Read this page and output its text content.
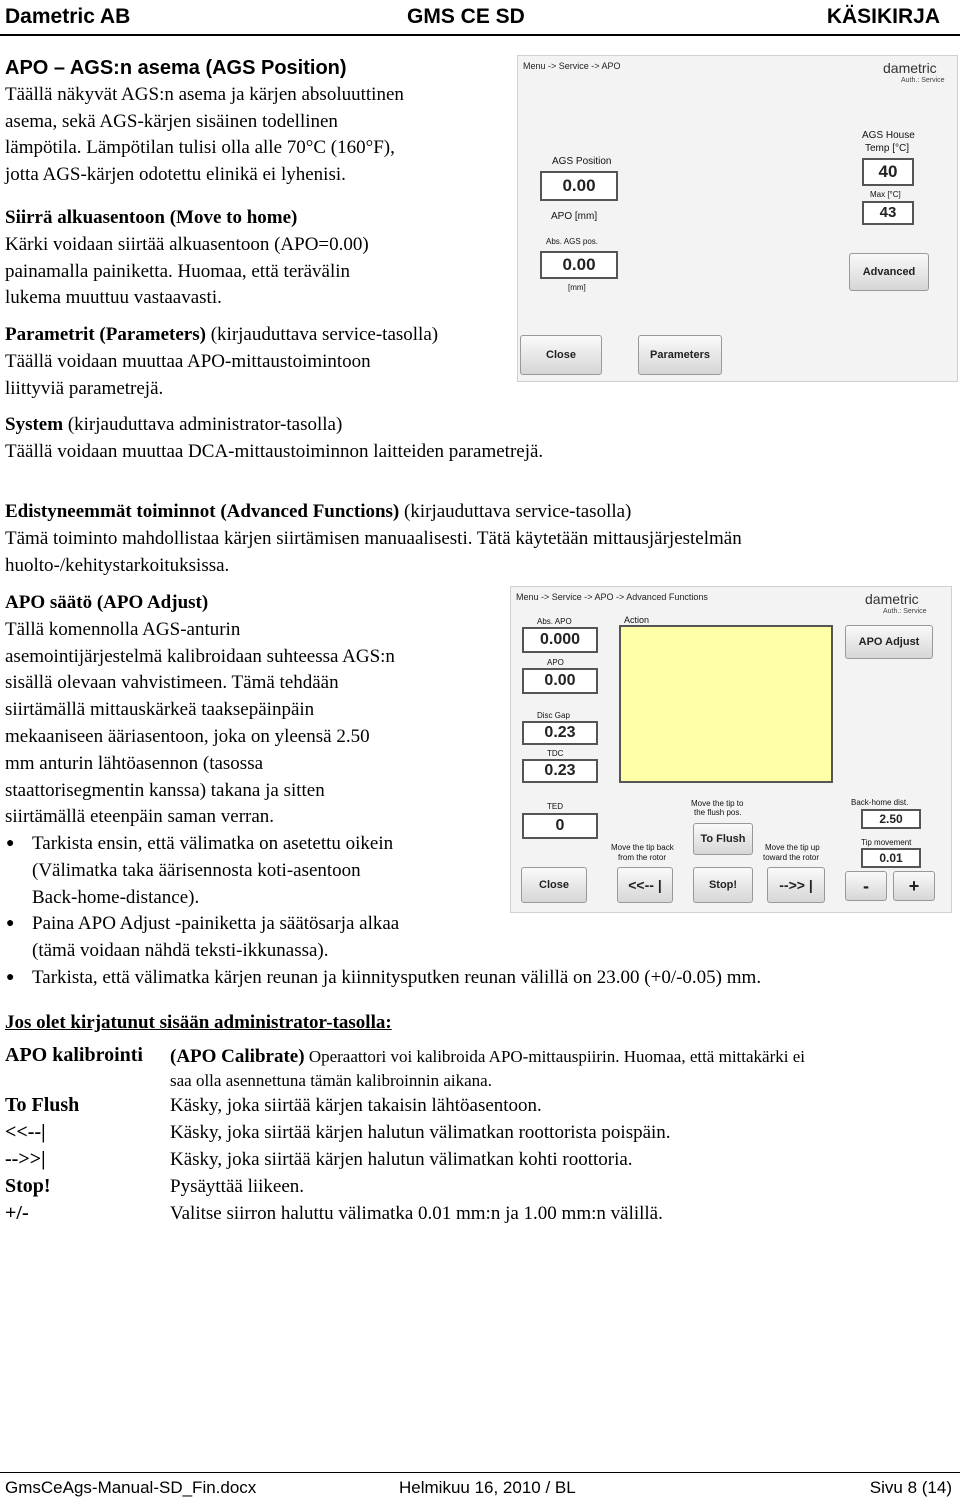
Dametric AB	GMS CE SD	KÄSIKIRJA
APO – AGS:n asema (AGS Position)
Täällä näkyvät AGS:n asema ja kärjen absoluuttinen
asema, sekä AGS-kärjen sisäinen todellinen
lämpötila. Lämpötilan tulisi olla alle 70°C (160°F),
jotta AGS-kärjen odotettu elinikä ei lyhenisi.
Siirrä alkuasentoon (Move to home)
Kärki voidaan siirtää alkuasentoon (APO=0.00)
painamalla painiketta. Huomaa, että terävälin
lukema muuttuu vastaavasti.
Parametrit (Parameters) (kirjauduttava service-tasolla)
Täällä voidaan muuttaa APO-mittaustoimintoon
liittyviä parametrejä.
System (kirjauduttava administrator-tasolla)
Täällä voidaan muuttaa DCA-mittaustoiminnon laitteiden parametrejä.
Menu -> Service -> APO	dametric
Auth.: Service
AGS Position
0.00
APO [mm]
Abs. AGS pos.
0.00
[mm]
AGS House
Temp [°C]
40
Max [°C]
43
Advanced
Close	Parameters
Edistyneemmät toiminnot (Advanced Functions) (kirjauduttava service-tasolla)
Tämä toiminto mahdollistaa kärjen siirtämisen manuaalisesti. Tätä käytetään mittausjärjestelmän
huolto-/kehitystarkoituksissa.
APO säätö (APO Adjust)
Tällä komennolla AGS-anturin
asemointijärjestelmä kalibroidaan suhteessa AGS:n
sisällä olevaan vahvistimeen. Tämä tehdään
siirtämällä mittauskärkeä taaksepäinpäin
mekaaniseen ääriasentoon, joka on yleensä 2.50
mm anturin lähtöasennon (tasossa
staattorisegmentin kanssa) takana ja sitten
siirtämällä eteenpäin saman verran.
● Tarkista ensin, että välimatka on asetettu oikein
(Välimatka taka äärisennosta koti-asentoon
Back-home-distance).
● Paina APO Adjust -painiketta ja säätösarja alkaa
(tämä voidaan nähdä teksti-ikkunassa).
● Tarkista, että välimatka kärjen reunan ja kiinnitysputken reunan välillä on 23.00 (+0/-0.05) mm.
Jos olet kirjatunut sisään administrator-tasolla:
Menu -> Service -> APO -> Advanced Functions	dametric
Auth.: Service
Abs. APO
0.000
APO
0.00
Disc Gap
0.23
TDC
0.23
TED
0
Action
APO Adjust
Move the tip to
the flush pos.
To Flush
Back-home dist.
2.50
Tip movement
0.01
Move the tip back
from the rotor
Move the tip up
toward the rotor
Close	<<-- |	Stop!	-->> |	-	+
APO kalibrointi (APO Calibrate) Operaattori voi kalibroida APO-mittauspiirin. Huomaa, että mittakärki ei
saa olla asennettuna tämän kalibroinnin aikana.
To Flush	Käsky, joka siirtää kärjen takaisin lähtöasentoon.
<<--|	Käsky, joka siirtää kärjen halutun välimatkan roottorista poispäin.
-->>|	Käsky, joka siirtää kärjen halutun välimatkan kohti roottoria.
Stop!	Pysäyttää liikeen.
+/-	Valitse siirron haluttu välimatka 0.01 mm:n ja 1.00 mm:n välillä.
GmsCeAgs-Manual-SD_Fin.docx	Helmikuu 16, 2010 / BL	Sivu 8 (14)
